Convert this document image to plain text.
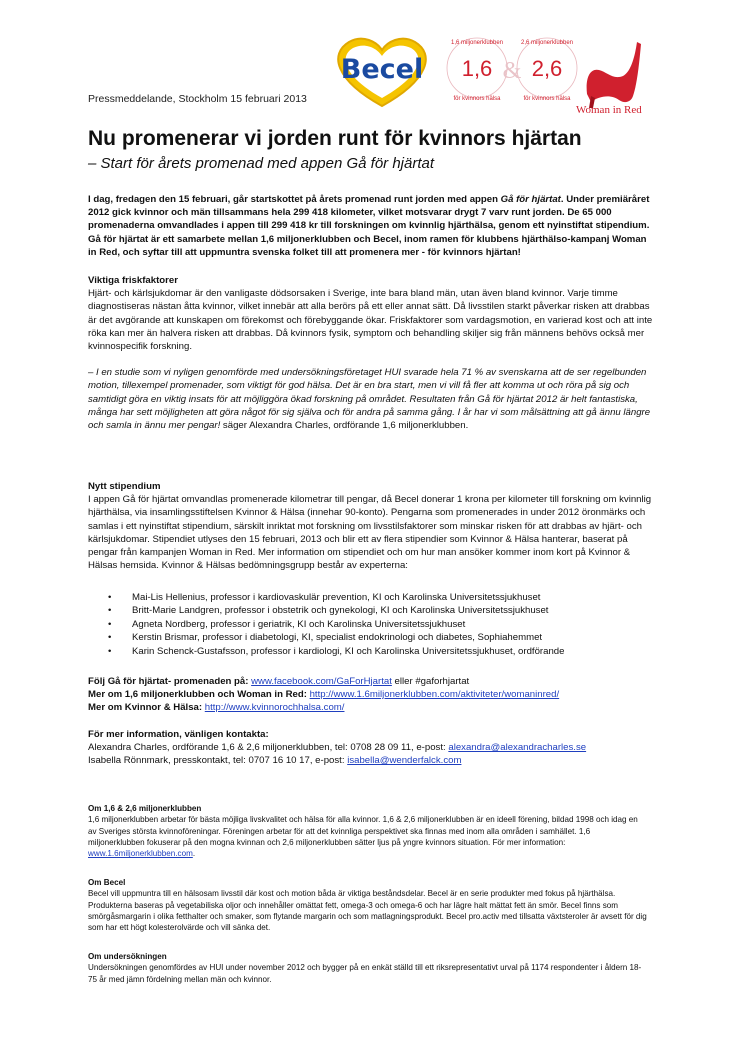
Becel 1,6 2,6
&
1,6 miljonerklubben
för kvinnors hälsa
2,6 miljonerklubben
för kvinnors hälsa
Woman in Red
Pressmeddelande, Stockholm 15 februari 2013
Nu promenerar vi jorden runt för kvinnors hjärtan
– Start för årets promenad med appen Gå för hjärtat

I dag, fredagen den 15 februari, går startskottet på årets promenad runt jorden med appen Gå för hjärtat. Under premiäråret 2012 gick kvinnor och män tillsammans hela 299 418 kilometer, vilket motsvarar drygt 7 varv runt jorden. De 65 000 promenaderna omvandlades i appen till 299 418 kr till forskningen om kvinnlig hjärthälsa, genom ett nyinstiftat stipendium. Gå för hjärtat är ett samarbete mellan 1,6 miljonerklubben och Becel, inom ramen för klubbens hjärthälso-kampanj Woman in Red, och syftar till att uppmuntra svenska folket till att promenera mer - för kvinnors hjärtan!

Viktiga friskfaktorer

Hjärt- och kärlsjukdomar är den vanligaste dödsorsaken i Sverige, inte bara bland män, utan även bland kvinnor. Varje timme diagnostiseras nästan åtta kvinnor, vilket innebär att alla berörs på ett eller annat sätt. Då livsstilen starkt påverkar risken att drabbas är det avgörande att kunskapen om förekomst och förebyggande ökar. Friskfaktorer som vardagsmotion, en varierad kost och att inte röka kan mer än halvera risken att drabbas. Då kvinnors fysik, symptom och behandling skiljer sig från männens behövs också mer kvinnospecifik forskning.

– I en studie som vi nyligen genomförde med undersökningsföretaget HUI svarade hela 71 % av svenskarna att de ser regelbunden motion, tillexempel promenader, som viktigt för god hälsa. Det är en bra start, men vi vill få fler att komma ut och röra på sig och samtidigt göra en viktig insats för att möjliggöra ökad forskning på området. Resultaten från Gå för hjärtat 2012 är helt fantastiska, många har sett möjligheten att göra något för sig själva och för andra på samma gång. I år har vi som målsättning att gå ännu längre och samla in ännu mer pengar! säger Alexandra Charles, ordförande 1,6 miljonerklubben.

Nytt stipendium

I appen Gå för hjärtat omvandlas promenerade kilometrar till pengar, då Becel donerar 1 krona per kilometer till forskning om kvinnlig hjärthälsa, via insamlingsstiftelsen Kvinnor & Hälsa (innehar 90-konto). Pengarna som promenerades in under 2012 öronmärks och samlas i ett nyinstiftat stipendium, särskilt inriktat mot forskning om livsstilsfaktorer som minskar risken för att drabbas av hjärt- och kärlsjukdomar. Stipendiet utlyses den 15 februari, 2013 och blir ett av flera stipendier som Kvinnor & Hälsa hanterar, baserat på pengar från kampanjen Woman in Red. Mer information om stipendiet och om hur man ansöker kommer inom kort på Kvinnor & Hälsas hemsida. Kvinnor & Hälsas bedömningsgrupp består av experterna:

• Mai-Lis Hellenius, professor i kardiovaskulär prevention, KI och Karolinska Universitetssjukhuset
• Britt-Marie Landgren, professor i obstetrik och gynekologi, KI och Karolinska Universitetssjukhuset
• Agneta Nordberg, professor i geriatrik, KI och Karolinska Universitetssjukhuset
• Kerstin Brismar, professor i diabetologi, KI, specialist endokrinologi och diabetes, Sophiahemmet
• Karin Schenck-Gustafsson, professor i kardiologi, KI och Karolinska Universitetssjukhuset, ordförande

Följ Gå för hjärtat- promenaden på: www.facebook.com/GaForHjartat eller #gaforhjartat

Mer om 1,6 miljonerklubben och Woman in Red: http://www.1.6miljonerklubben.com/aktiviteter/womaninred/

Mer om Kvinnor & Hälsa: http://www.kvinnorochhalsa.com/

För mer information, vänligen kontakta:

Alexandra Charles, ordförande 1,6 & 2,6 miljonerklubben, tel: 0708 28 09 11, e-post: alexandra@alexandracharles.se

Isabella Rönnmark, presskontakt, tel: 0707 16 10 17, e-post: isabella@wenderfalck.com

Om 1,6 & 2,6 miljonerklubben
1,6 miljonerklubben arbetar för bästa möjliga livskvalitet och hälsa för alla kvinnor. 1,6 & 2,6 miljonerklubben är en ideell förening, bildad 1998 och idag en av Sveriges största kvinnoföreningar. Föreningen arbetar för att det kvinnliga perspektivet ska finnas med inom alla områden i samhället. 1,6 miljonerklubben fokuserar på den mogna kvinnan och 2,6 miljonerklubben sätter ljus på yngre kvinnors situation. För mer information: www.1.6miljonerklubben.com.
Om Becel
Becel vill uppmuntra till en hälsosam livsstil där kost och motion båda är viktiga beståndsdelar. Becel är en serie produkter med fokus på hjärthälsa. Produkterna baseras på vegetabiliska oljor och innehåller omättat fett, omega-3 och omega-6 och har lägre halt mättat fett än smör. Becel finns som smörgåsmargarin i olika fetthalter och smaker, som flytande margarin och som matlagningsprodukt. Becel pro.activ med tillsatta växtsteroler är avsett för dig som har ett högt kolesterolvärde och vill sänka det.
Om undersökningen
Undersökningen genomfördes av HUI under november 2012 och bygger på en enkät ställd till ett riksrepresentativt urval på 1174 respondenter i åldern 18-75 år med jämn fördelning mellan män och kvinnor.
